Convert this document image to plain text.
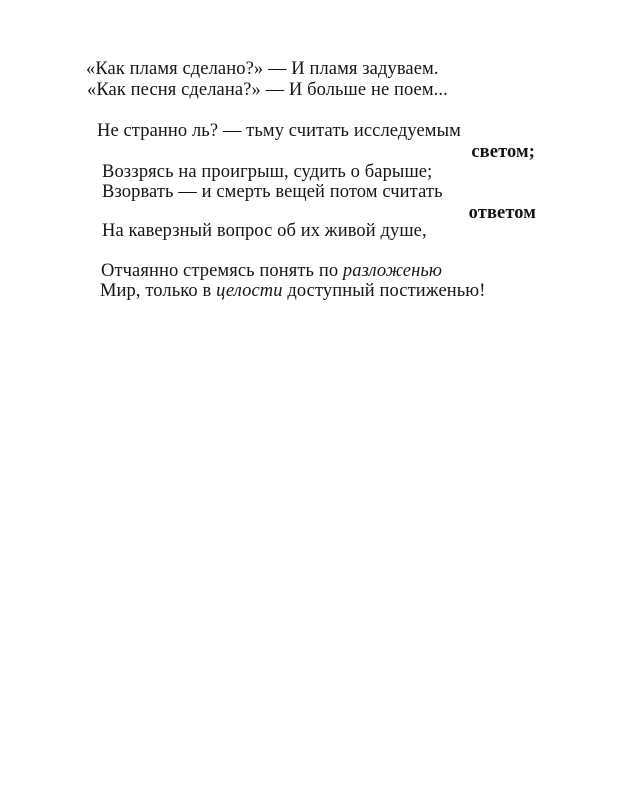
«Как пламя сделано?» — И пламя задуваем.
«Как песня сделана?» — И больше не поем...
Не странно ль? — тьму считать исследуемым
светом;
Воззрясь на проигрыш, судить о барыше;
Взорвать — и смерть вещей потом считать
ответом
На каверзный вопрос об их живой душе,
Отчаянно стремясь понять по разложенью
Мир, только в целости доступный постиженью!
